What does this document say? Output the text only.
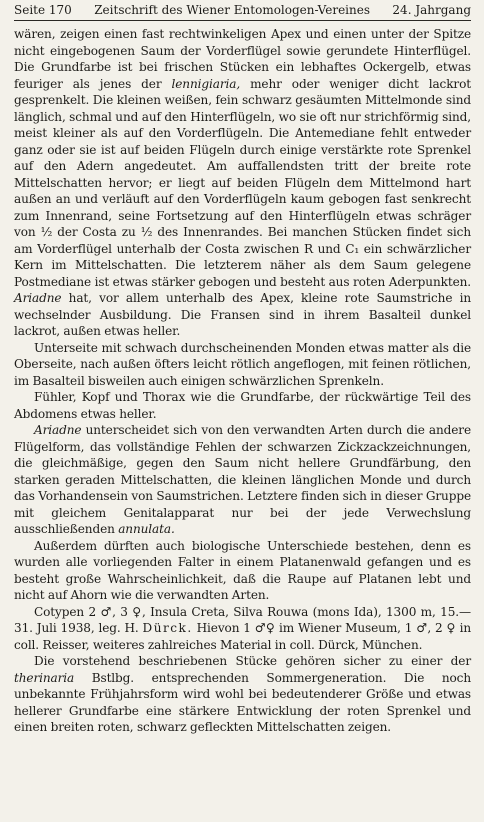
Seite 170 Zeitschrift des Wiener Entomologen-Vereines 24. Jahrgang

wären, zeigen einen fast rechtwinkeligen Apex und einen unter der Spitze nicht eingebogenen Saum der Vorderflügel sowie gerundete Hinterflügel. Die Grundfarbe ist bei frischen Stücken ein lebhaftes Ockergelb, etwas feuriger als jenes der lennigiaria, mehr oder weniger dicht lackrot gesprenkelt. Die kleinen weißen, fein schwarz gesäumten Mittelmonde sind länglich, schmal und auf den Hinterflügeln, wo sie oft nur strichförmig sind, meist kleiner als auf den Vorderflügeln. Die Antemediane fehlt entweder ganz oder sie ist auf beiden Flügeln durch einige verstärkte rote Sprenkel auf den Adern angedeutet. Am auffallendsten tritt der breite rote Mittelschatten hervor; er liegt auf beiden Flügeln dem Mittelmond hart außen an und verläuft auf den Vorderflügeln kaum gebogen fast senkrecht zum Innenrand, seine Fortsetzung auf den Hinterflügeln etwas schräger von ½ der Costa zu ½ des Innenrandes. Bei manchen Stücken findet sich am Vorderflügel unterhalb der Costa zwischen R und C₁ ein schwärzlicher Kern im Mittelschatten. Die letzterem näher als dem Saum gelegene Postmediane ist etwas stärker gebogen und besteht aus roten Aderpunkten. Ariadne hat, vor allem unterhalb des Apex, kleine rote Saumstriche in wechselnder Ausbildung. Die Fransen sind in ihrem Basalteil dunkel lackrot, außen etwas heller.

Unterseite mit schwach durchscheinenden Monden etwas matter als die Oberseite, nach außen öfters leicht rötlich angeflogen, mit feinen rötlichen, im Basalteil bisweilen auch einigen schwärzlichen Sprenkeln.

Fühler, Kopf und Thorax wie die Grundfarbe, der rückwärtige Teil des Abdomens etwas heller.

Ariadne unterscheidet sich von den verwandten Arten durch die andere Flügelform, das vollständige Fehlen der schwarzen Zickzackzeichnungen, die gleichmäßige, gegen den Saum nicht hellere Grundfärbung, den starken geraden Mittelschatten, die kleinen länglichen Monde und durch das Vorhandensein von Saumstrichen. Letztere finden sich in dieser Gruppe mit gleichem Genitalapparat nur bei der jede Verwechslung ausschließenden annulata.

Außerdem dürften auch biologische Unterschiede bestehen, denn es wurden alle vorliegenden Falter in einem Platanenwald gefangen und es besteht große Wahrscheinlichkeit, daß die Raupe auf Platanen lebt und nicht auf Ahorn wie die verwandten Arten.

Cotypen 2 ♂, 3 ♀, Insula Creta, Silva Rouwa (mons Ida), 1300 m, 15.—31. Juli 1938, leg. H. Dürck. Hievon 1 ♂♀ im Wiener Museum, 1 ♂, 2 ♀ in coll. Reisser, weiteres zahlreiches Material in coll. Dürck, München.

Die vorstehend beschriebenen Stücke gehören sicher zu einer der therinaria Bstlbg. entsprechenden Sommergeneration. Die noch unbekannte Frühjahrsform wird wohl bei bedeutenderer Größe und etwas hellerer Grundfarbe eine stärkere Entwicklung der roten Sprenkel und einen breiten roten, schwarz gefleckten Mittelschatten zeigen.
